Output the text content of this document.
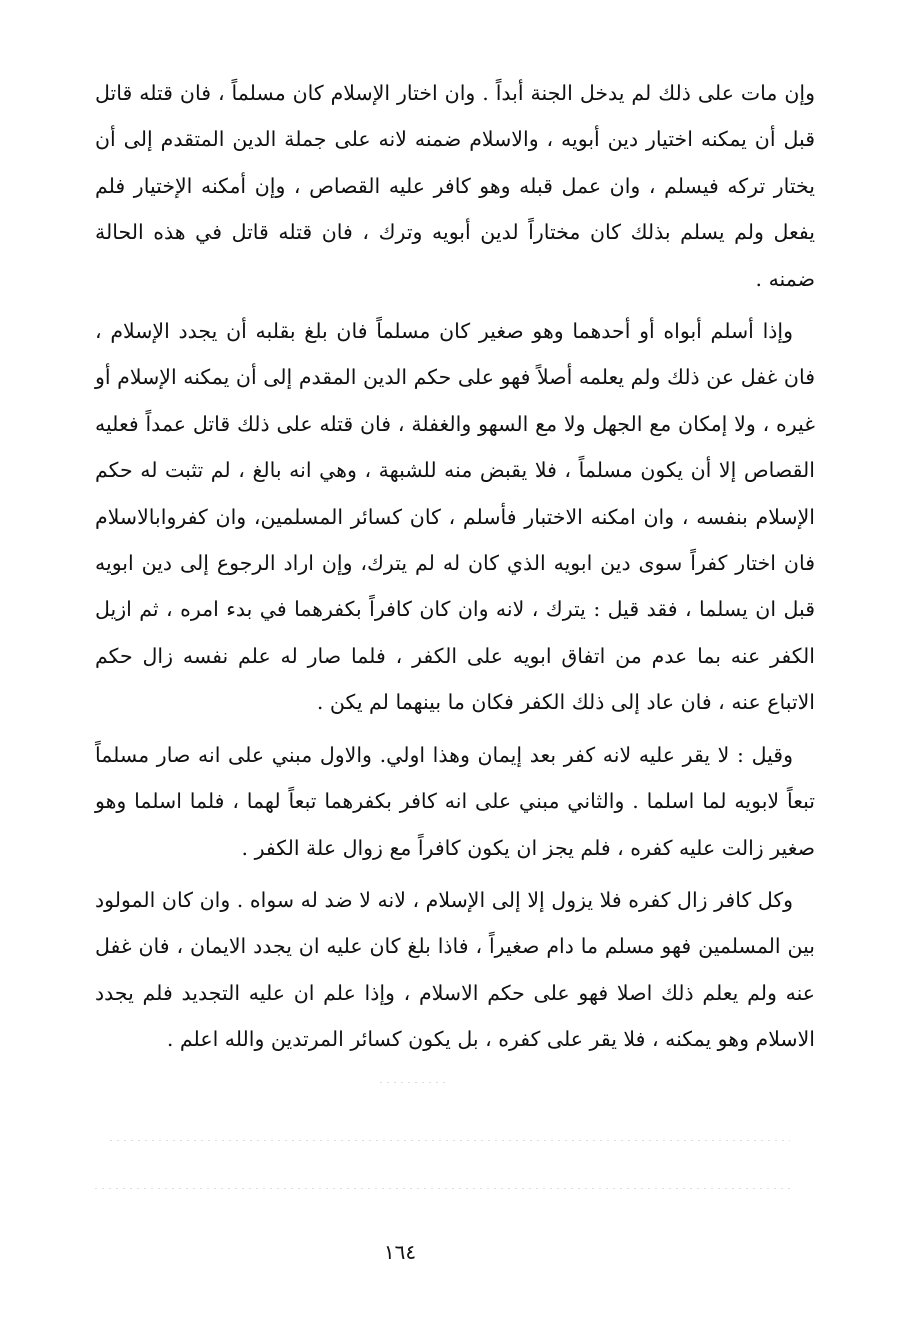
وإن مات على ذلك لم يدخل الجنة أبداً . وان اختار الإسلام كان مسلماً ، فان قتله قاتل قبل أن يمكنه اختيار دين أبويه ، والاسلام ضمنه لانه على جملة الدين المتقدم إلى أن يختار تركه فيسلم ، وان عمل قبله وهو كافر عليه القصاص ، وإن أمكنه الإختيار فلم يفعل ولم يسلم بذلك كان مختاراً لدين أبويه وترك ، فان قتله قاتل في هذه الحالة ضمنه .

وإذا أسلم أبواه أو أحدهما وهو صغير كان مسلماً فان بلغ بقلبه أن يجدد الإسلام ، فان غفل عن ذلك ولم يعلمه أصلاً فهو على حكم الدين المقدم إلى أن يمكنه الإسلام أو غيره ، ولا إمكان مع الجهل ولا مع السهو والغفلة ، فان قتله على ذلك قاتل عمداً فعليه القصاص إلا أن يكون مسلماً ، فلا يقبض منه للشبهة ، وهي انه بالغ ، لم تثبت له حكم الإسلام بنفسه ، وان امكنه الاختبار فأسلم ، كان كسائر المسلمين، وان كفروابالاسلام فان اختار كفراً سوى دين ابويه الذي كان له لم يترك، وإن اراد الرجوع إلى دين ابويه قبل ان يسلما ، فقد قيل : يترك ، لانه وان كان كافراً بكفرهما في بدء امره ، ثم ازيل الكفر عنه بما عدم من اتفاق ابويه على الكفر ، فلما صار له علم نفسه زال حكم الاتباع عنه ، فان عاد إلى ذلك الكفر فكان ما بينهما لم يكن .

وقيل : لا يقر عليه لانه كفر بعد إيمان وهذا اولي. والاول مبني على انه صار مسلماً تبعاً لابويه لما اسلما . والثاني مبني على انه كافر بكفرهما تبعاً لهما ، فلما اسلما وهو صغير زالت عليه كفره ، فلم يجز ان يكون كافراً مع زوال علة الكفر .

وكل كافر زال كفره فلا يزول إلا إلى الإسلام ، لانه لا ضد له سواه . وان كان المولود بين المسلمين فهو مسلم ما دام صغيراً ، فاذا بلغ كان عليه ان يجدد الايمان ، فان غفل عنه ولم يعلم ذلك اصلا فهو على حكم الاسلام ، وإذا علم ان عليه التجديد فلم يجدد الاسلام وهو يمكنه ، فلا يقر على كفره ، بل يكون كسائر المرتدين والله اعلم .

١٦٤
